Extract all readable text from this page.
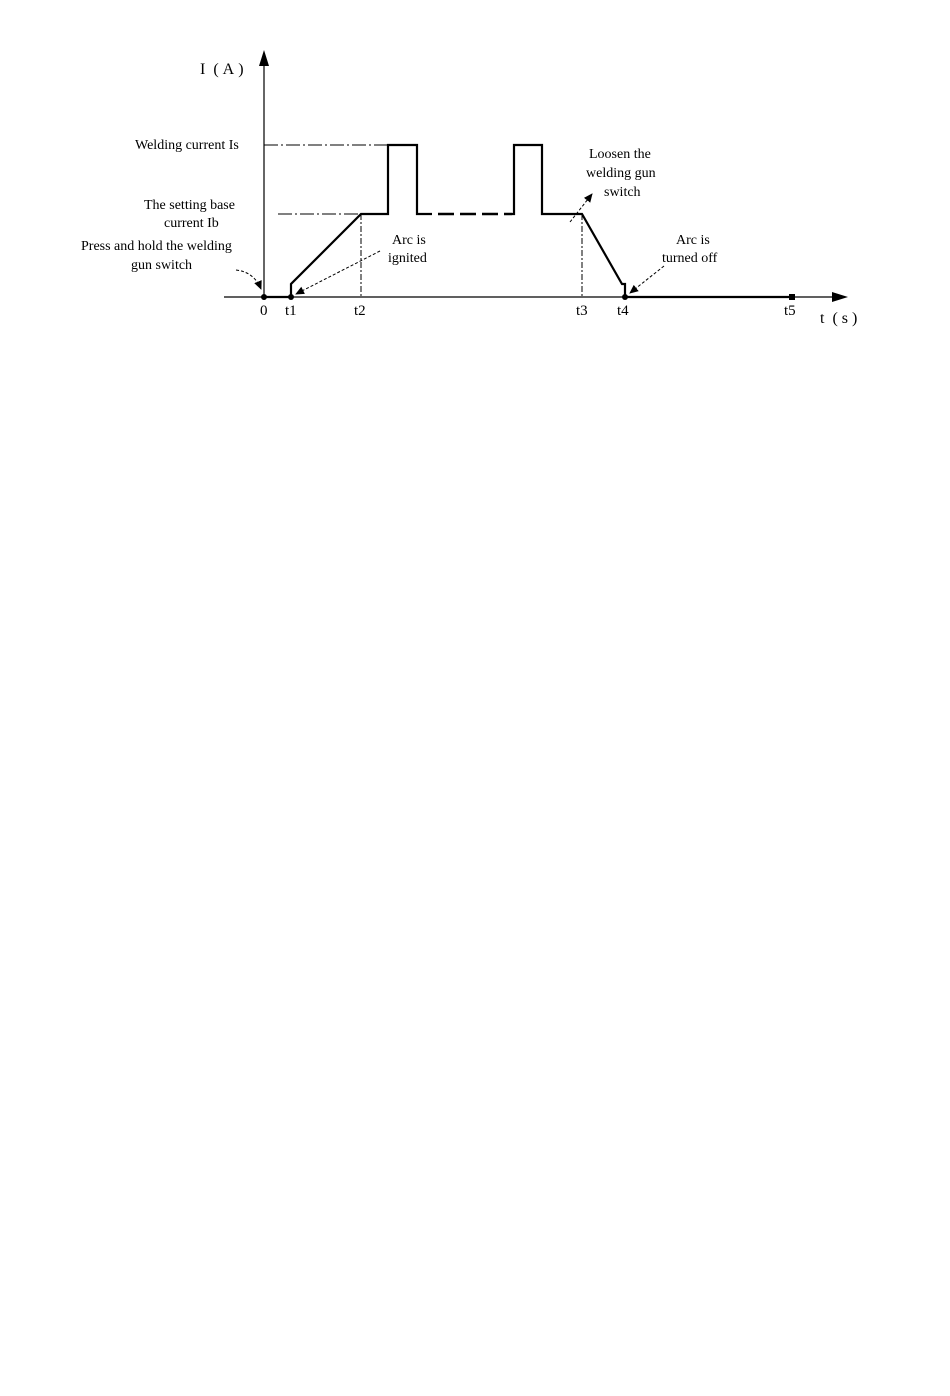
I  ( A )
t  ( s )
0 t1	t2	t3 t4	t5
Welding current Is
The setting base
current Ib
Press and hold the welding
gun switch
Arc is
ignited
Loosen the
welding gun
switch
Arc is
turned off
